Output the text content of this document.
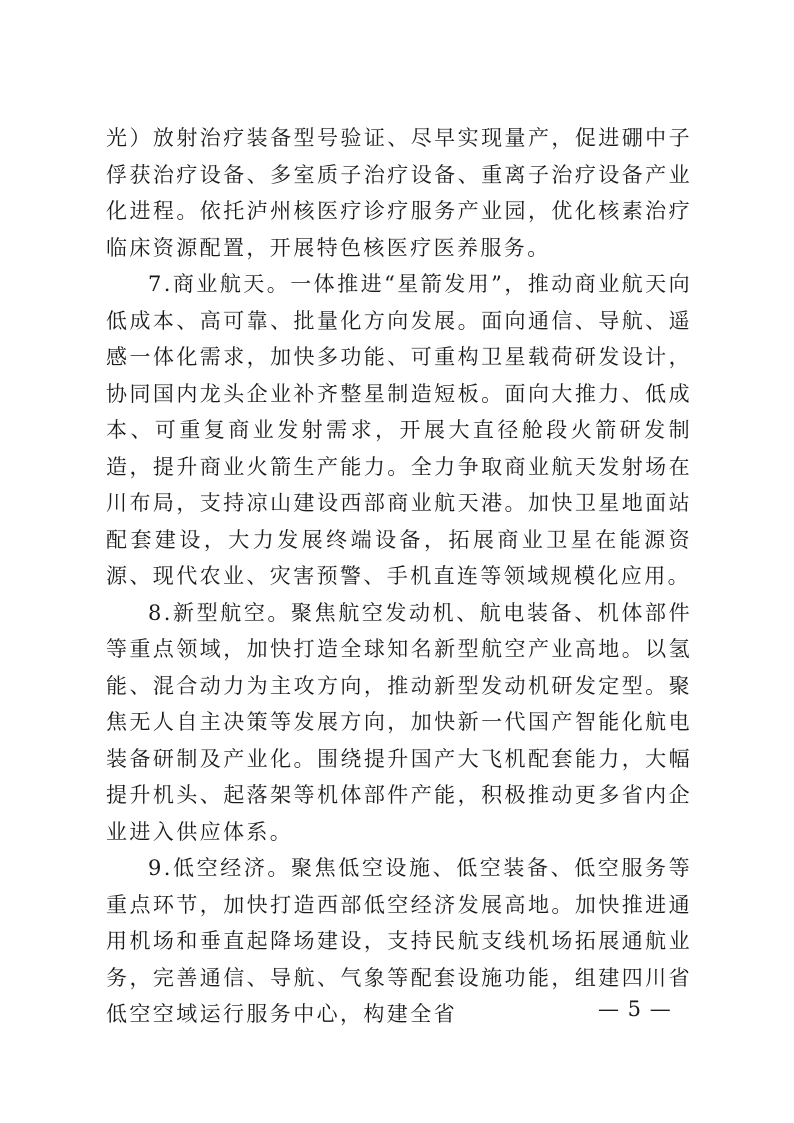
光）放射治疗装备型号验证、尽早实现量产，促进硼中子俘获治疗设备、多室质子治疗设备、重离子治疗设备产业化进程。依托泸州核医疗诊疗服务产业园，优化核素治疗临床资源配置，开展特色核医疗医养服务。

7.商业航天。一体推进“星箭发用”，推动商业航天向低成本、高可靠、批量化方向发展。面向通信、导航、遥感一体化需求，加快多功能、可重构卫星载荷研发设计，协同国内龙头企业补齐整星制造短板。面向大推力、低成本、可重复商业发射需求，开展大直径舱段火箭研发制造，提升商业火箭生产能力。全力争取商业航天发射场在川布局，支持凉山建设西部商业航天港。加快卫星地面站配套建设，大力发展终端设备，拓展商业卫星在能源资源、现代农业、灾害预警、手机直连等领域规模化应用。

8.新型航空。聚焦航空发动机、航电装备、机体部件等重点领域，加快打造全球知名新型航空产业高地。以氢能、混合动力为主攻方向，推动新型发动机研发定型。聚焦无人自主决策等发展方向，加快新一代国产智能化航电装备研制及产业化。围绕提升国产大飞机配套能力，大幅提升机头、起落架等机体部件产能，积极推动更多省内企业进入供应体系。

9.低空经济。聚焦低空设施、低空装备、低空服务等重点环节，加快打造西部低空经济发展高地。加快推进通用机场和垂直起降场建设，支持民航支线机场拓展通航业务，完善通信、导航、气象等配套设施功能，组建四川省低空空域运行服务中心，构建全省	— 5 —
